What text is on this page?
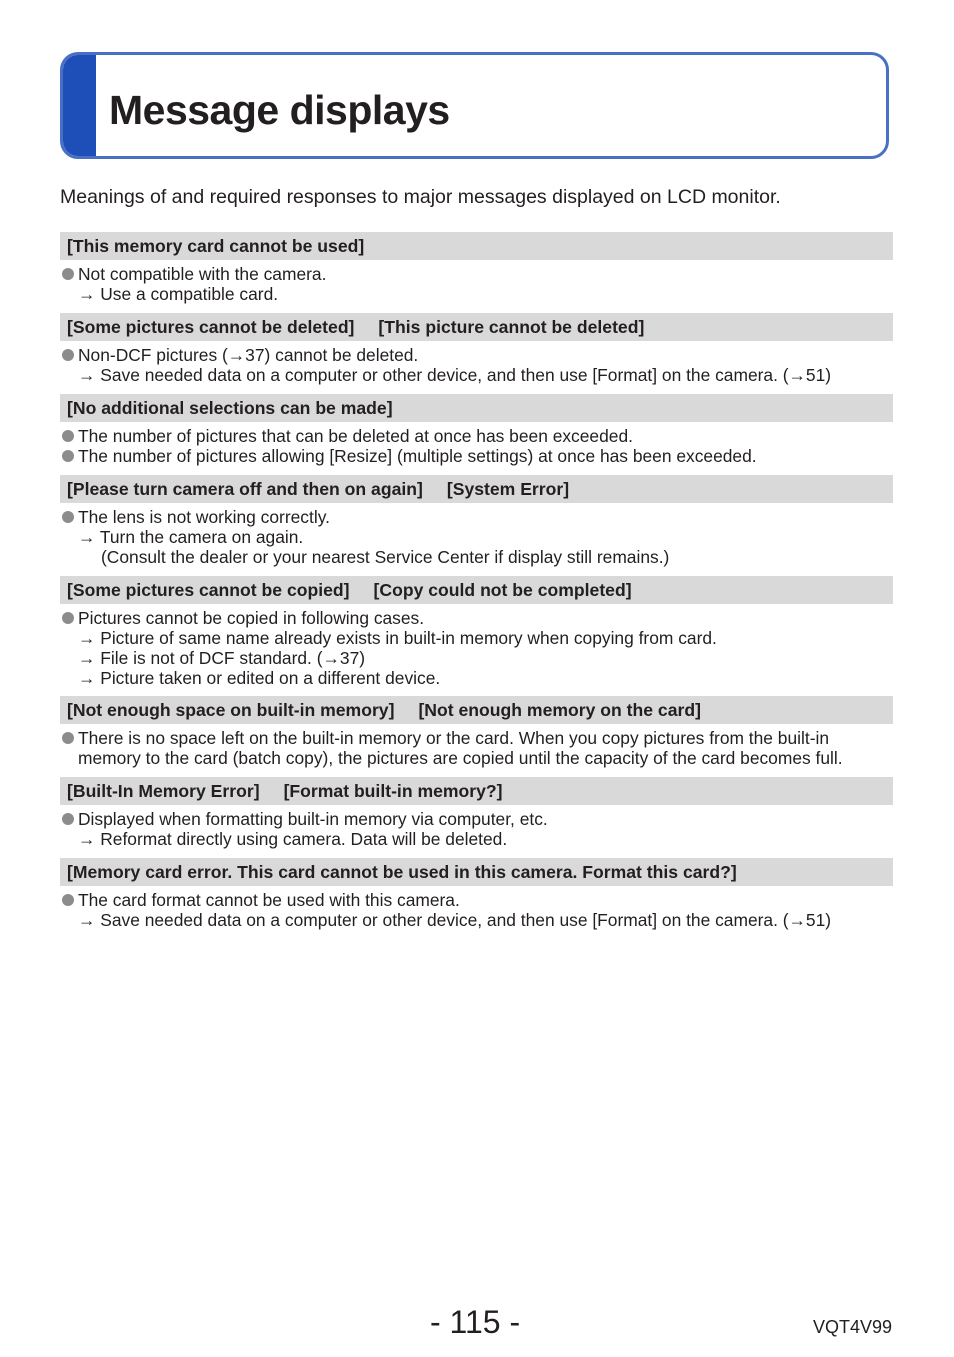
Message displays

Meanings of and required responses to major messages displayed on LCD monitor.

[This memory card cannot be used]
Not compatible with the camera.
→ Use a compatible card.
[Some pictures cannot be deleted] [This picture cannot be deleted]
Non-DCF pictures (→37) cannot be deleted.
→ Save needed data on a computer or other device, and then use [Format] on the camera. (→51)
[No additional selections can be made]
The number of pictures that can be deleted at once has been exceeded.
The number of pictures allowing [Resize] (multiple settings) at once has been exceeded.
[Please turn camera off and then on again] [System Error]
The lens is not working correctly.
→ Turn the camera on again.
(Consult the dealer or your nearest Service Center if display still remains.)
[Some pictures cannot be copied] [Copy could not be completed]
Pictures cannot be copied in following cases.
→ Picture of same name already exists in built-in memory when copying from card.
→ File is not of DCF standard. (→37)
→ Picture taken or edited on a different device.
[Not enough space on built-in memory] [Not enough memory on the card]
There is no space left on the built-in memory or the card. When you copy pictures from the built-in
memory to the card (batch copy), the pictures are copied until the capacity of the card becomes full.
[Built-In Memory Error] [Format built-in memory?]
Displayed when formatting built-in memory via computer, etc.
→ Reformat directly using camera. Data will be deleted.
[Memory card error. This card cannot be used in this camera. Format this card?]
The card format cannot be used with this camera.
→ Save needed data on a computer or other device, and then use [Format] on the camera. (→51)

- 115 -	VQT4V99
